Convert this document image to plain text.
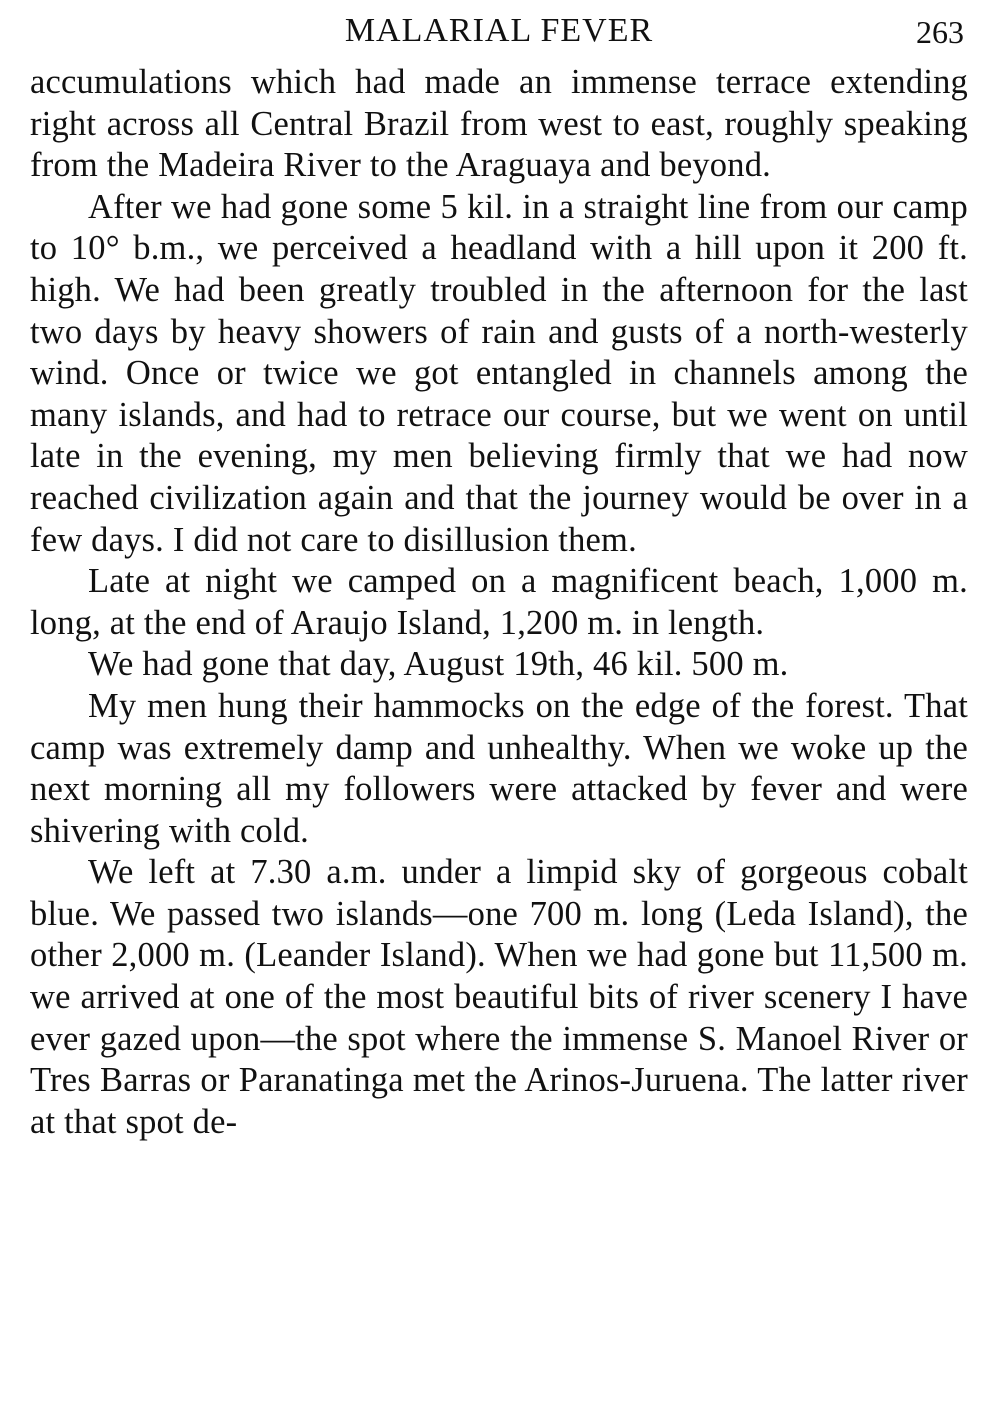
MALARIAL FEVER	263

accumulations which had made an immense terrace extending right across all Central Brazil from west to east, roughly speaking from the Madeira River to the Araguaya and beyond.

After we had gone some 5 kil. in a straight line from our camp to 10° b.m., we perceived a headland with a hill upon it 200 ft. high. We had been greatly troubled in the afternoon for the last two days by heavy showers of rain and gusts of a north-westerly wind. Once or twice we got entangled in channels among the many islands, and had to retrace our course, but we went on until late in the evening, my men believing firmly that we had now reached civilization again and that the journey would be over in a few days. I did not care to disillusion them.

Late at night we camped on a magnificent beach, 1,000 m. long, at the end of Araujo Island, 1,200 m. in length.

We had gone that day, August 19th, 46 kil. 500 m.

My men hung their hammocks on the edge of the forest. That camp was extremely damp and unhealthy. When we woke up the next morning all my followers were attacked by fever and were shivering with cold.

We left at 7.30 a.m. under a limpid sky of gorgeous cobalt blue. We passed two islands—one 700 m. long (Leda Island), the other 2,000 m. (Leander Island). When we had gone but 11,500 m. we arrived at one of the most beautiful bits of river scenery I have ever gazed upon—the spot where the immense S. Manoel River or Tres Barras or Paranatinga met the Arinos-Juruena. The latter river at that spot de-
